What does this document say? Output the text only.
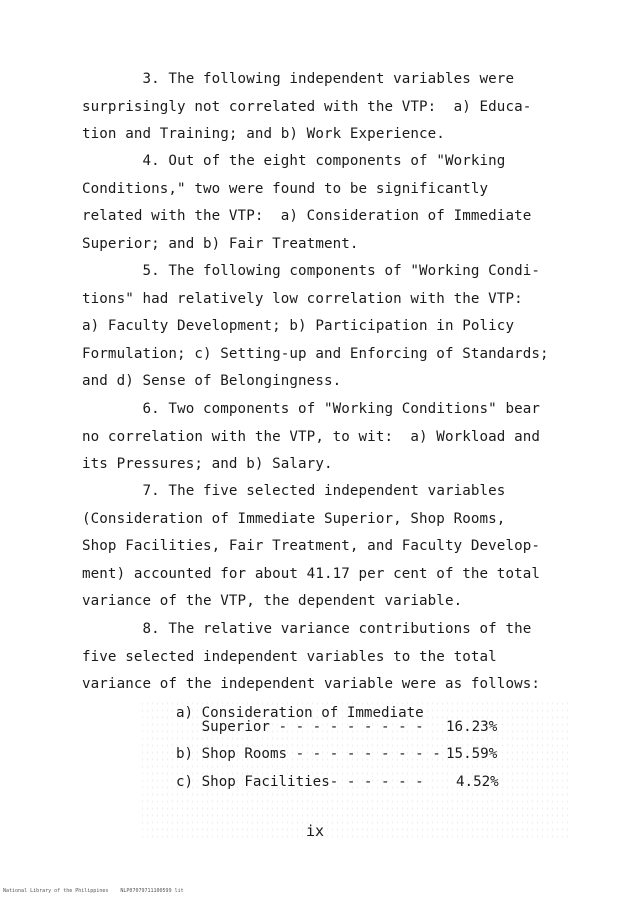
3. The following independent variables were
surprisingly not correlated with the VTP:  a) Educa-
tion and Training; and b) Work Experience.

4. Out of the eight components of "Working
Conditions," two were found to be significantly
related with the VTP:  a) Consideration of Immediate
Superior; and b) Fair Treatment.

5. The following components of "Working Condi-
tions" had relatively low correlation with the VTP:
a) Faculty Development; b) Participation in Policy
Formulation; c) Setting-up and Enforcing of Standards;
and d) Sense of Belongingness.

6. Two components of "Working Conditions" bear
no correlation with the VTP, to wit:  a) Workload and
its Pressures; and b) Salary.

7. The five selected independent variables
(Consideration of Immediate Superior, Shop Rooms,
Shop Facilities, Fair Treatment, and Faculty Develop-
ment) accounted for about 41.17 per cent of the total
variance of the VTP, the dependent variable.

8. The relative variance contributions of the
five selected independent variables to the total
variance of the independent variable were as follows:

a) Consideration of Immediate
Superior - - - - - - - - - 16.23%
b) Shop Rooms - - - - - - - - - 15.59%
c) Shop Facilities- - - - - - 4.52%
ix
National Library of the Philippines    NLP07079711100599 lit
